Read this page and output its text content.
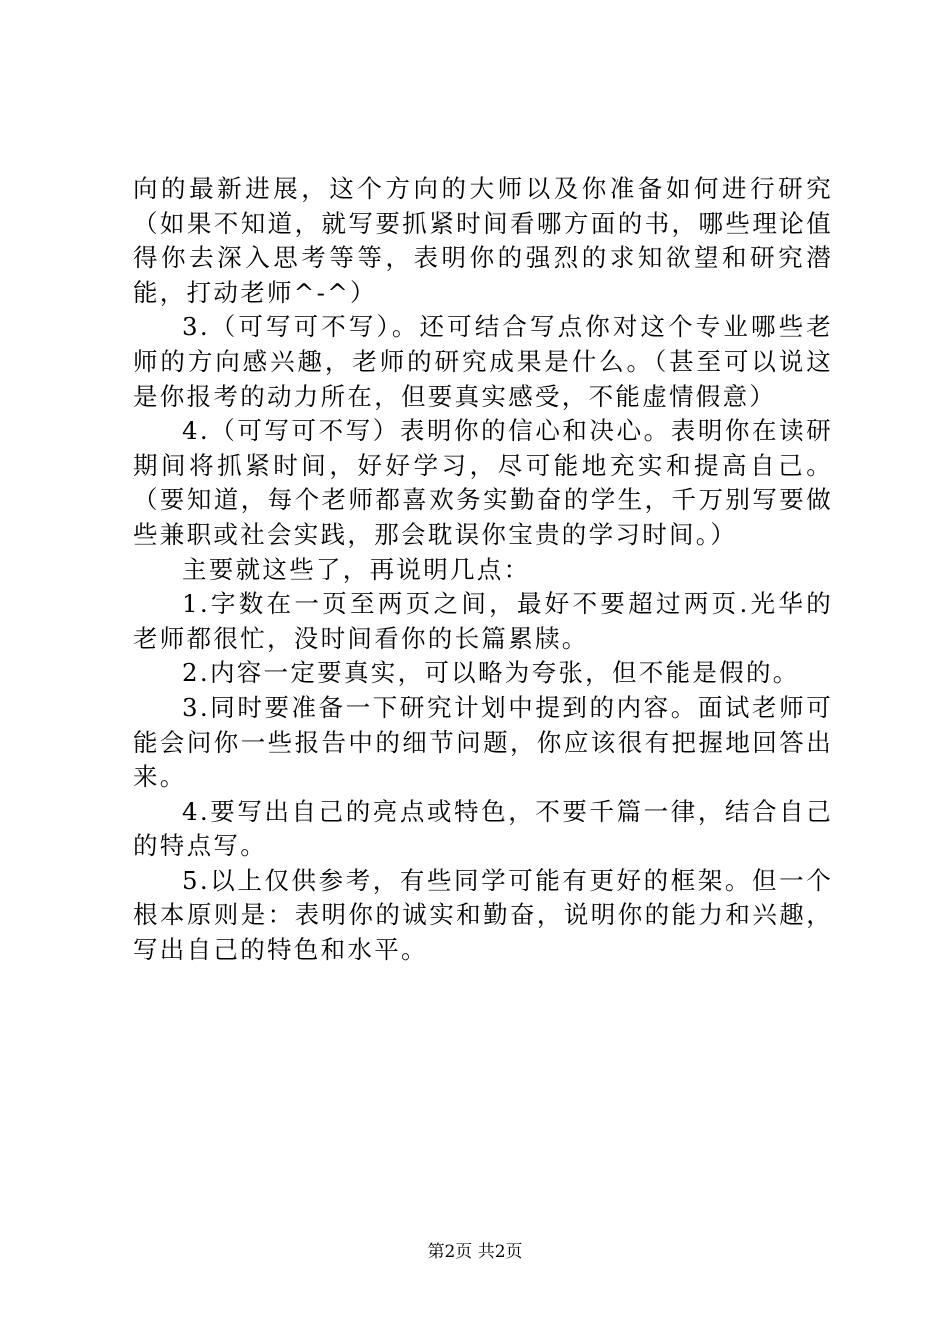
向的最新进展，这个方向的大师以及你准备如何进行研究（如果不知道，就写要抓紧时间看哪方面的书，哪些理论值得你去深入思考等等，表明你的强烈的求知欲望和研究潜能，打动老师^-^）

3.（可写可不写）。还可结合写点你对这个专业哪些老师的方向感兴趣，老师的研究成果是什么。（甚至可以说这是你报考的动力所在，但要真实感受，不能虚情假意）

4.（可写可不写）表明你的信心和决心。表明你在读研期间将抓紧时间，好好学习，尽可能地充实和提高自己。（要知道，每个老师都喜欢务实勤奋的学生，千万别写要做些兼职或社会实践，那会耽误你宝贵的学习时间。）

主要就这些了，再说明几点：

1.字数在一页至两页之间，最好不要超过两页.光华的老师都很忙，没时间看你的长篇累牍。

2.内容一定要真实，可以略为夸张，但不能是假的。

3.同时要准备一下研究计划中提到的内容。面试老师可能会问你一些报告中的细节问题，你应该很有把握地回答出来。

4.要写出自己的亮点或特色，不要千篇一律，结合自己的特点写。

5.以上仅供参考，有些同学可能有更好的框架。但一个根本原则是：表明你的诚实和勤奋，说明你的能力和兴趣，写出自己的特色和水平。

第2页 共2页
